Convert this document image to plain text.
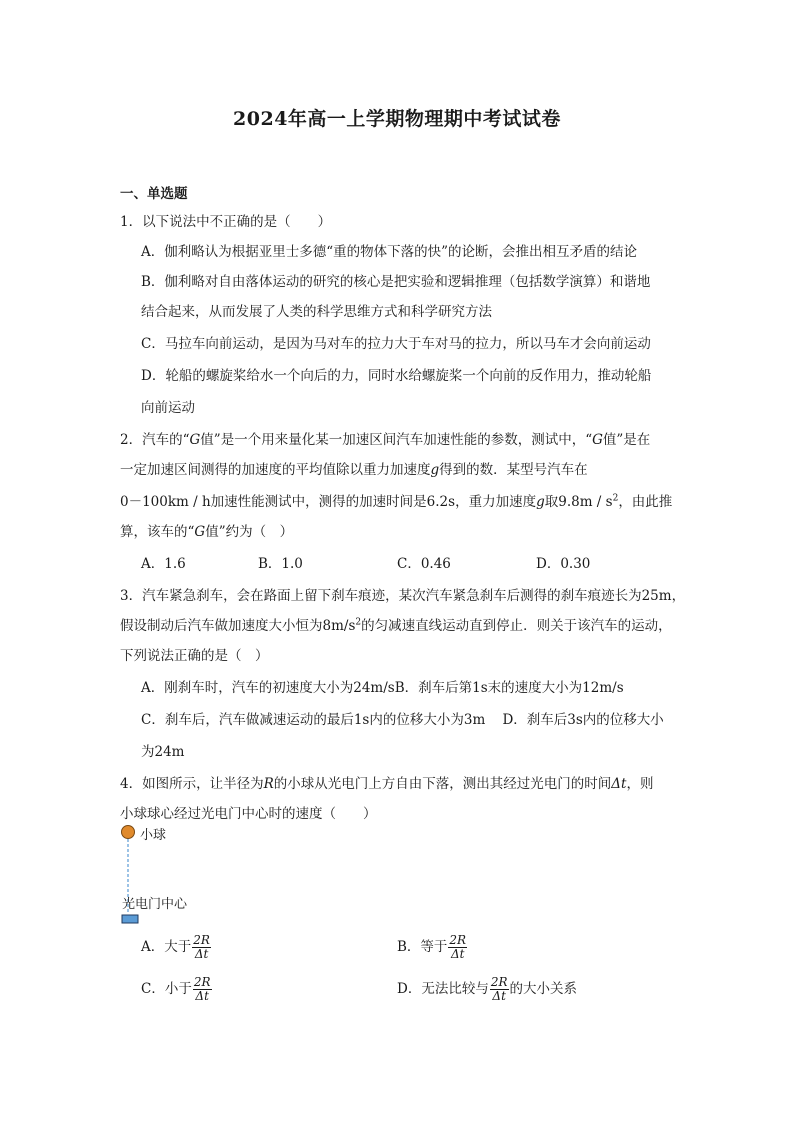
2024年高一上学期物理期中考试试卷
一、单选题
1．以下说法中不正确的是（　　）
A．伽利略认为根据亚里士多德“重的物体下落的快”的论断，会推出相互矛盾的结论
B．伽利略对自由落体运动的研究的核心是把实验和逻辑推理（包括数学演算）和谐地
结合起来，从而发展了人类的科学思维方式和科学研究方法
C．马拉车向前运动，是因为马对车的拉力大于车对马的拉力，所以马车才会向前运动
D．轮船的螺旋桨给水一个向后的力，同时水给螺旋桨一个向前的反作用力，推动轮船
向前运动
2．汽车的“G值”是一个用来量化某一加速区间汽车加速性能的参数，测试中，“G值”是在
一定加速区间测得的加速度的平均值除以重力加速度g得到的数．某型号汽车在
0－100km / h加速性能测试中，测得的加速时间是6.2s，重力加速度g取$9.8m / s^2$，由此推
算，该车的“G值”约为（　）
A．1.6	B．1.0	C．0.46	D．0.30
3．汽车紧急刹车，会在路面上留下刹车痕迹，某次汽车紧急刹车后测得的刹车痕迹长为25m，
假设制动后汽车做加速度大小恒为$8m/s^2$的匀减速直线运动直到停止．则关于该汽车的运动，
下列说法正确的是（　）
A．刚刹车时，汽车的初速度大小为24m/sB．刹车后第1s末的速度大小为12m/s
C．刹车后，汽车做减速运动的最后1s内的位移大小为3m D．刹车后3s内的位移大小
为24m
4．如图所示，让半径为R的小球从光电门上方自由下落，测出其经过光电门的时间Δt，则
小球球心经过光电门中心时的速度（　　）
小球
光电门中心
A．大于 $\frac{2R}{\Delta t}$	B．等于 $\frac{2R}{\Delta t}$
C．小于 $\frac{2R}{\Delta t}$	D．无法比较与 $\frac{2R}{\Delta t}$ 的大小关系
